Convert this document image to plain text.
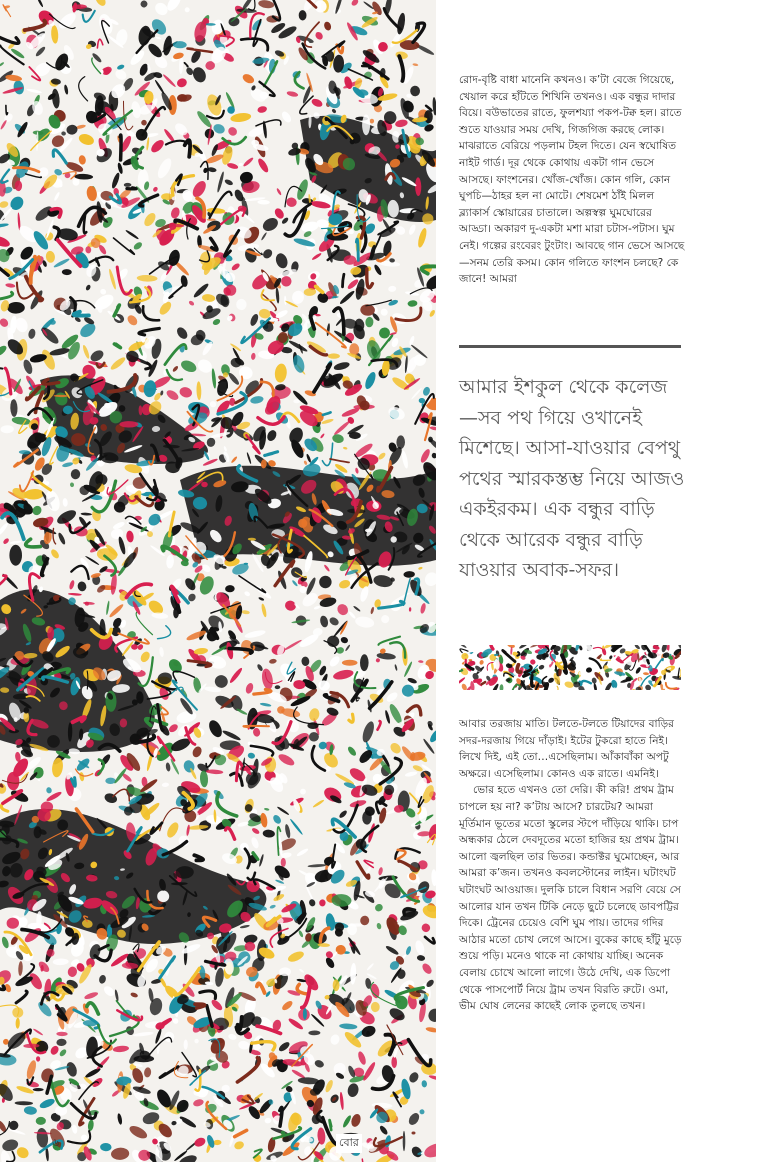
রোদ-বৃষ্টি বাধা মানেনি কখনও। ক’টা বেজে গিয়েছে, খেয়াল করে হাঁটতে শিখিনি তখনও। এক বন্ধুর দাদার বিয়ে। বউভাতের রাতে, ফুলশয্যা পকপ-টক্ব হল। রাতে শুতে যাওয়ার সময় দেখি, গিজগিজ করছে লোক। মাঝরাতে বেরিয়ে পড়লাম টহল দিতে। যেন স্বঘোষিত নাইট গার্ড। দূর থেকে কোথায় একটা গান ভেসে আসছে। ফাংশনের। খোঁজ-খোঁজ। কোন গলি, কোন ঘুপচি—ঠাহর হল না মোটে। শেষমেশ ঠাঁই মিলল ব্ল্যাকার্স স্কোয়ারের চাতালে। অল্পস্বল্প ঘুমঘোরের আড্ডা। অকারণ দু-একটা মশা মারা চটাস-পটাস। ঘুম নেই। গল্পের রংবেরং টুংটাং। আবছে গান ভেসে আসছে—সনম তেরি কসম। কোন গলিতে ফাংশন চলছে? কে জানে! আমরা

আমার ইশকুল থেকে কলেজ—সব পথ গিয়ে ওখানেই মিশেছে। আসা-যাওয়ার বেপথু পথের স্মারকস্তম্ভ নিয়ে আজও একইরকম। এক বন্ধুর বাড়ি থেকে আরেক বন্ধুর বাড়ি যাওয়ার অবাক-সফর।

আবার তরজায় মাতি। টলতে-টলতে টিয়াদের বাড়ির সদর-দরজায় গিয়ে দাঁড়াই। ইটের টুকরো হাতে নিই। লিখে দিই, এই তো…এসেছিলাম। আঁকাবাঁকা অপটু অক্ষরে। এসেছিলাম। কোনও এক রাতে। এমনিই।

ভোর হতে এখনও তো দেরি। কী করি! প্রথম ট্রাম চাপলে হয় না? ক’টায় আসে? চারটেয়? আমরা মূর্তিমান ভূতের মতো স্কুলের স্টপে দাঁড়িয়ে থাকি। চাপ অন্ধকার ঠেলে দেবদূতের মতো হাজির হয় প্রথম ট্রাম। আলো জ্বলছিল তার ভিতর। কন্ডাক্টর ঘুমোচ্ছেন, আর আমরা ক’জন। তখনও কবলস্টোনের লাইন। ঘটাংঘট ঘটাংঘট আওয়াজ। দুলকি চালে বিধান সরণি বেয়ে সে আলোর যান তখন টিকি নেড়ে ছুটে চলেছে ডাবপট্টির দিকে। ট্রেনের চেয়েও বেশি ঘুম পায়। তাদের গদির আঠার মতো চোখ লেগে আসে। বুকের কাছে হাঁটু মুড়ে শুয়ে পড়ি। মনেও থাকে না কোথায় যাচ্ছি। অনেক বেলায় চোখে আলো লাগে। উঠে দেখি, এক ডিপো থেকে পাসপোর্ট নিয়ে ট্রাম তখন বিরতি রুটে। ওমা, ভীম ঘোষ লেনের কাছেই লোক তুলছে তখন।

৬	বোর
